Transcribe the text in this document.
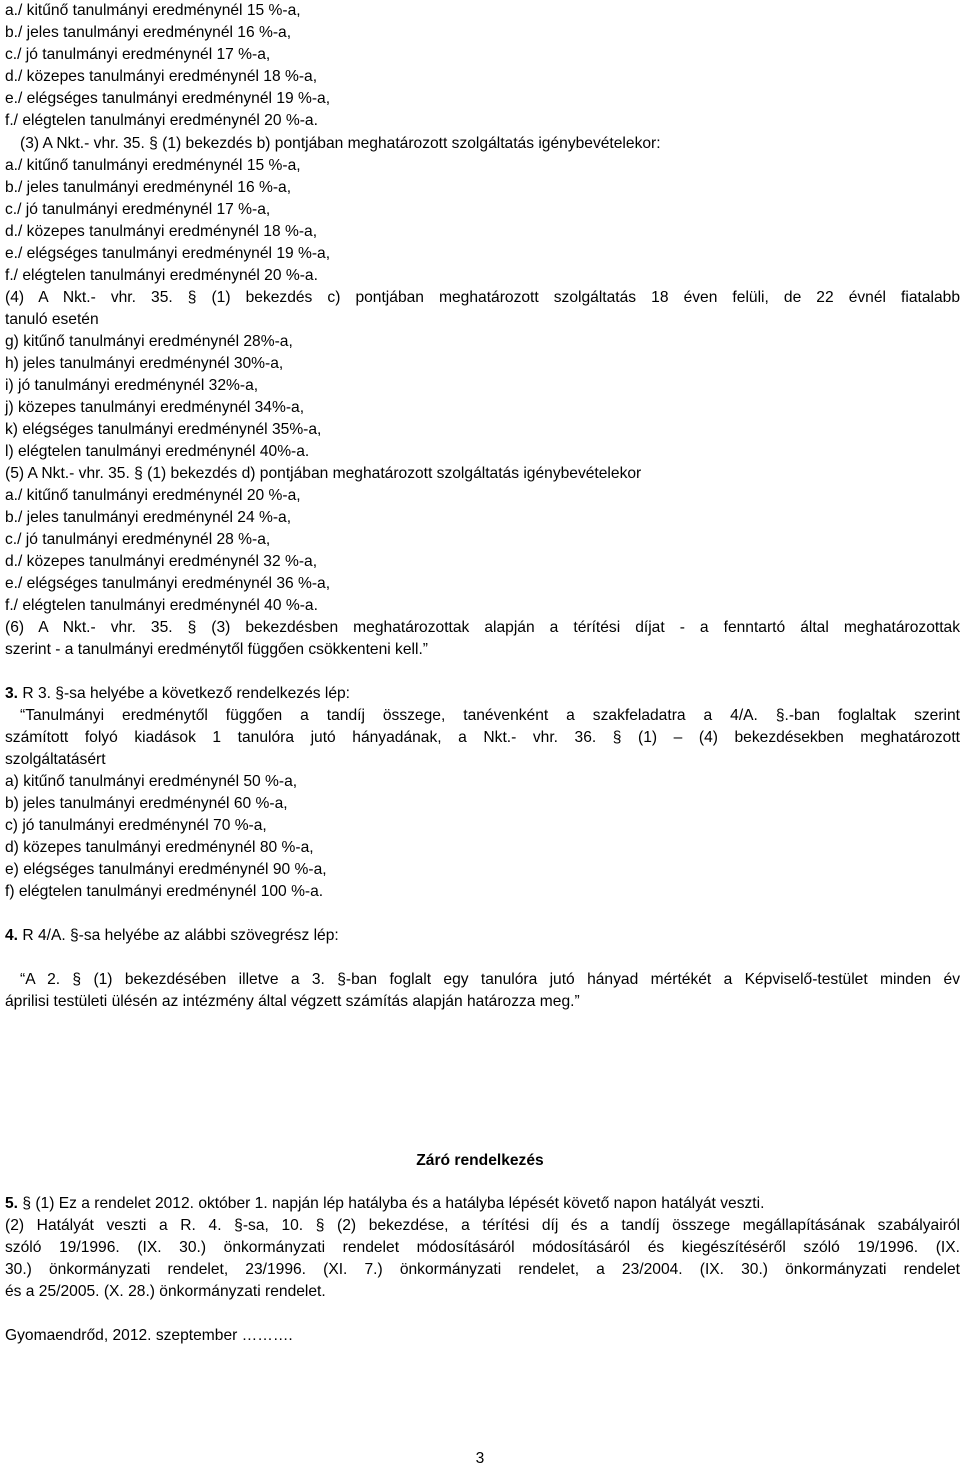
a./ kitűnő tanulmányi eredménynél 15 %-a,
b./ jeles tanulmányi eredménynél 16 %-a,
c./ jó tanulmányi eredménynél 17 %-a,
d./ közepes tanulmányi eredménynél 18 %-a,
e./ elégséges tanulmányi eredménynél 19 %-a,
f./ elégtelen tanulmányi eredménynél 20 %-a.
(3) A Nkt.- vhr. 35. § (1) bekezdés b) pontjában meghatározott szolgáltatás igénybevételekor:
a./ kitűnő tanulmányi eredménynél 15 %-a,
b./ jeles tanulmányi eredménynél 16 %-a,
c./ jó tanulmányi eredménynél 17 %-a,
d./ közepes tanulmányi eredménynél 18 %-a,
e./ elégséges tanulmányi eredménynél 19 %-a,
f./ elégtelen tanulmányi eredménynél 20 %-a.
(4) A Nkt.- vhr. 35. § (1) bekezdés c) pontjában meghatározott szolgáltatás 18 éven felüli, de 22 évnél fiatalabb
tanuló esetén
g) kitűnő tanulmányi eredménynél 28%-a,
h) jeles tanulmányi eredménynél 30%-a,
i) jó tanulmányi eredménynél 32%-a,
j) közepes tanulmányi eredménynél 34%-a,
k) elégséges tanulmányi eredménynél 35%-a,
l) elégtelen tanulmányi eredménynél 40%-a.
(5) A Nkt.- vhr. 35. § (1) bekezdés d) pontjában meghatározott szolgáltatás igénybevételekor
a./ kitűnő tanulmányi eredménynél 20 %-a,
b./ jeles tanulmányi eredménynél 24 %-a,
c./ jó tanulmányi eredménynél 28 %-a,
d./ közepes tanulmányi eredménynél 32 %-a,
e./ elégséges tanulmányi eredménynél 36 %-a,
f./ elégtelen tanulmányi eredménynél 40 %-a.
(6) A Nkt.- vhr. 35. § (3) bekezdésben meghatározottak alapján a térítési díjat - a fenntartó által meghatározottak
szerint - a tanulmányi eredménytől függően csökkenteni kell.”
3. R 3. §-sa helyébe a következő rendelkezés lép:
“Tanulmányi eredménytől függően a tandíj összege, tanévenként a szakfeladatra a 4/A. §.-ban foglaltak szerint
számított folyó kiadások 1 tanulóra jutó hányadának, a Nkt.- vhr. 36. § (1) – (4) bekezdésekben meghatározott
szolgáltatásért
a) kitűnő tanulmányi eredménynél 50 %-a,
b) jeles tanulmányi eredménynél 60 %-a,
c) jó tanulmányi eredménynél 70 %-a,
d) közepes tanulmányi eredménynél 80 %-a,
e) elégséges tanulmányi eredménynél 90 %-a,
f) elégtelen tanulmányi eredménynél 100 %-a.
4. R 4/A. §-sa helyébe az alábbi szövegrész lép:
“A 2. § (1) bekezdésében illetve a 3. §-ban foglalt egy tanulóra jutó hányad mértékét a Képviselő-testület minden év
áprilisi testületi ülésén az intézmény által végzett számítás alapján határozza meg.”
Záró rendelkezés
5. § (1) Ez a rendelet 2012. október 1. napján lép hatályba és a hatályba lépését követő napon hatályát veszti.
(2) Hatályát veszti a R. 4. §-sa, 10. § (2) bekezdése, a térítési díj és a tandíj összege megállapításának szabályairól
szóló 19/1996. (IX. 30.) önkormányzati rendelet módosításáról módosításáról és kiegészítéséről szóló 19/1996. (IX.
30.) önkormányzati rendelet, 23/1996. (XI. 7.) önkormányzati rendelet, a 23/2004. (IX. 30.) önkormányzati rendelet
és a 25/2005. (X. 28.) önkormányzati rendelet.
Gyomaendrőd, 2012. szeptember ……….
3
